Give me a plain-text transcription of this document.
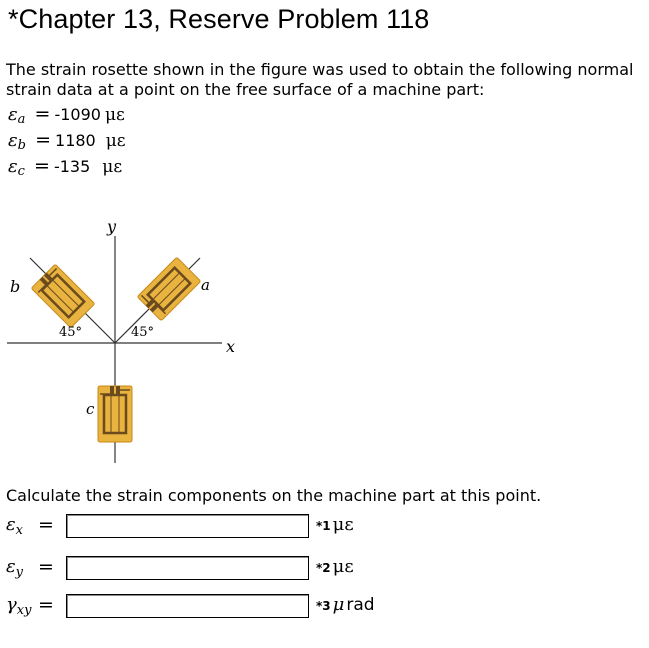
*Chapter 13, Reserve Problem 118
The strain rosette shown in the figure was used to obtain the following normal strain data at a point on the free surface of a machine part:
$\varepsilon_a = -1090$ με
$\varepsilon_b = 1180$ με
$\varepsilon_c = -135$ με
y
x
a
b
c
45°	45°
Calculate the strain components on the machine part at this point.
$\varepsilon_x$ =	*1 με
$\varepsilon_y$ =	*2 με
$\gamma_{xy}$ =	*3 μ rad
